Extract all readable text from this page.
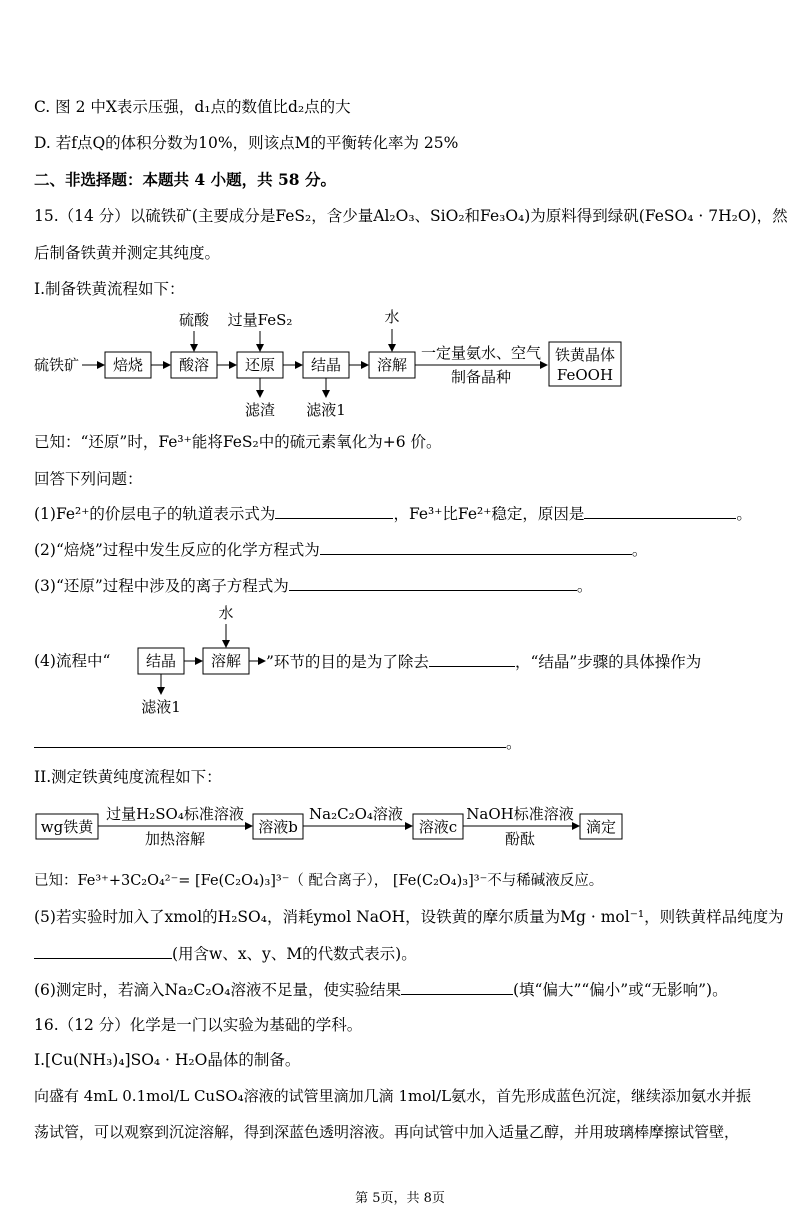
C. 图 2 中X表示压强，d₁点的数值比d₂点的大
D. 若f点Q的体积分数为10%，则该点M的平衡转化率为 25%
二、非选择题：本题共 4 小题，共 58 分。
15.（14 分）以硫铁矿(主要成分是FeS₂，含少量Al₂O₃、SiO₂和Fe₃O₄)为原料得到绿矾(FeSO₄ · 7H₂O)，然
后制备铁黄并测定其纯度。
I.制备铁黄流程如下：
硫铁矿 焙烧 酸溶 还原 结晶 溶解
一定量氨水、空气
制备晶种
铁黄晶体
FeOOH
硫酸 过量FeS₂	水
滤渣 滤液1
已知：“还原”时，Fe³⁺能将FeS₂中的硫元素氧化为+6 价。
回答下列问题：
(1)Fe²⁺的价层电子的轨道表示式为	，Fe³⁺比Fe²⁺稳定，原因是	。
(2)“焙烧”过程中发生反应的化学方程式为	。
(3)“还原”过程中涉及的离子方程式为	。
水
结晶 溶解
滤液1
(4)流程中“	”环节的目的是为了除去	，“结晶”步骤的具体操作为
。
II.测定铁黄纯度流程如下：
wg铁黄
过量H₂SO₄标准溶液
加热溶解
溶液b
Na₂C₂O₄溶液
溶液c
NaOH标准溶液
酚酞
滴定
已知：Fe³⁺+3C₂O₄²⁻= [Fe(C₂O₄)₃]³⁻（ 配合离子）， [Fe(C₂O₄)₃]³⁻不与稀碱液反应。
(5)若实验时加入了xmol的H₂SO₄，消耗ymol NaOH，设铁黄的摩尔质量为Mg · mol⁻¹，则铁黄样品纯度为
(用含w、x、y、M的代数式表示)。
(6)测定时，若滴入Na₂C₂O₄溶液不足量，使实验结果	(填“偏大”“偏小”或“无影响”)。
16.（12 分）化学是一门以实验为基础的学科。
I.[Cu(NH₃)₄]SO₄ · H₂O晶体的制备。
向盛有 4mL 0.1mol/L CuSO₄溶液的试管里滴加几滴 1mol/L氨水，首先形成蓝色沉淀，继续添加氨水并振
荡试管，可以观察到沉淀溶解，得到深蓝色透明溶液。再向试管中加入适量乙醇，并用玻璃棒摩擦试管壁，
第 5页，共 8页
